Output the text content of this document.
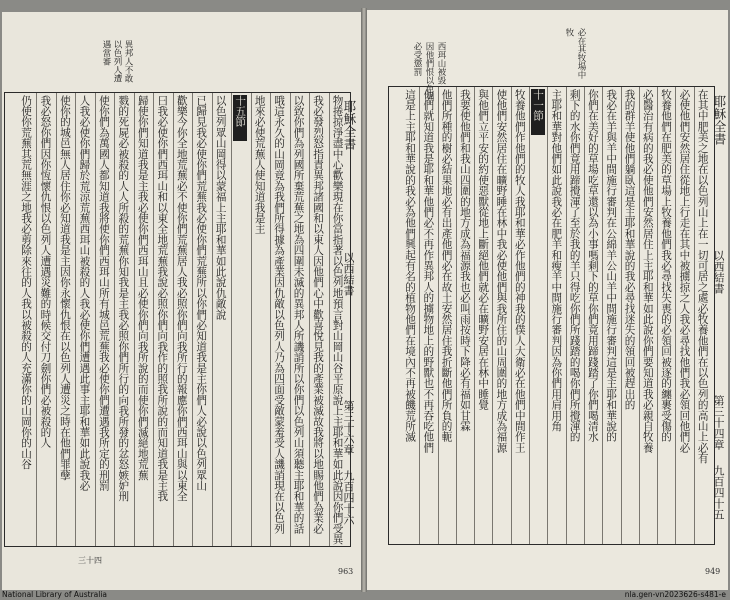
異邦人不敢
以色列人遭
遇當審
物捲掠淨盡中心歡樂現在你當指著以色列地預言對山岡山谷平原說上主耶和華如此說因你們受異
我必發烈怒指責異邦諸國和以東人因他們心中歡喜悅見我的產業被滅故我將以地賜他們為業必
以致你們為列國所棄荒蕪之地為四圍未滅的異邦人所譏誚所以你們以色列山須聽主耶和華的話
哦這永久的山岡竟為我們所得據為產業因仇敵以色列人乃為四面受敵蒙羞受人譏誚現在以色列
地來必使荒蕪人使知道我是主
十五節
以色列眾山岡得以蒙福上主耶和華如此說仇敵說
已歸見我必使你們荒蕪我必使你們荒蕪所以你們必知道我是主你們人必說以色列眾山
歡樂今你全地荒蕪必不使你們荒蕪居人我必照你們向我所行的報應你們西珥山與以東全
曰我必使你們西珥山和以東全地荒蕪我說必照你們向我作的照我所說的而知道我是主我
歸使你們知道我是主我必使你們西珥山且必使你們向我所說的而使你們滅絕地荒蕪
戮的死屍必被殺的人人所殺的荒蕪你知我是主我必照你們所行的向我所發的忿怒嫉妒刑
使你們為萬國人都知道我將使你們西珥山所有城邑荒蕪我必使你們遭遇我所定的刑罰
人我必使你們歸於荒涼荒蕪西珥山被殺的人我必使你們遭遇此事主耶和華如此說我必
使你的城邑無人居住你必知道我是主因你永懷仇恨在以色列人遭災之時在他們罪孽
我必怒你們因你恆懷仇恨以色列人遭遇災難的時候交付刀劍你們必被殺的人
仍使你荒蕪其荒無涯之地我必剪除來往的人我以被殺的人充滿你的山岡你的山谷	耶穌全書
以西結書
第三十六章
九百四十六
西珥山被毀
因他們恨以色列
必受懲罰	必在其牧場中
牧
在其中肥美之地在以色列山上在一切可居之處必牧養他們在以色列的高山上必有
必使他們安然居住從地上行走在其中被擄掠之人我必尋找他們我必領回他們必
牧養他們在肥美的草場上牧養他們我必尋找失喪的必領回被逐的纏裹受傷的
必醫治有病的我必使他們安然居住上主耶和華如此說你們要知道我必親自牧養
我的群羊使他們躺臥這是主耶和華說的我必尋找迷失的領回被趕出的
我必在羊與羊中間施行審判在公綿羊公山羊中間施行審判這是主耶和華說的
你們在美好的草場吃草還以為小事嗎剩下的草你們竟用蹄踐踏了你們喝清水
剩下的水你們竟用蹄攪渾了至於我的羊只得吃你們所踐踏的喝你們所攪渾的
主耶和華對他們如此說我必在肥羊和瘦羊中間施行審判因為你們用肩用角
十一節
牧養他們作他們的牧人我耶和華必作他們的神我的僕人大衛必在他們中間作王
使他們安然居住在曠野睡在林中我必使他們與我所住的山周圍的地方成為福源
與他們立平安的約使惡獸從地上斷絕他們就必在曠野安居在林中睡覺
我要使他們和我山四圍的地方成為福源我也必叫雨按時下降必有福如甘霖
他們所種的樹必結果地必有出產他們必在故土安然居住我折斷他們所負的軛
他們就知道我是耶和華他們必不再作異邦人的擄物地上的野獸也不再吞吃他們
這是上主耶和華說的我必為他們興起有名的植物他們在境內不再被饑荒所滅	耶穌全書
以西結書
第三十四章
九百四十五
三十四
963	949
National Library of Australia	nla.gen-vn2023626-s481-e
